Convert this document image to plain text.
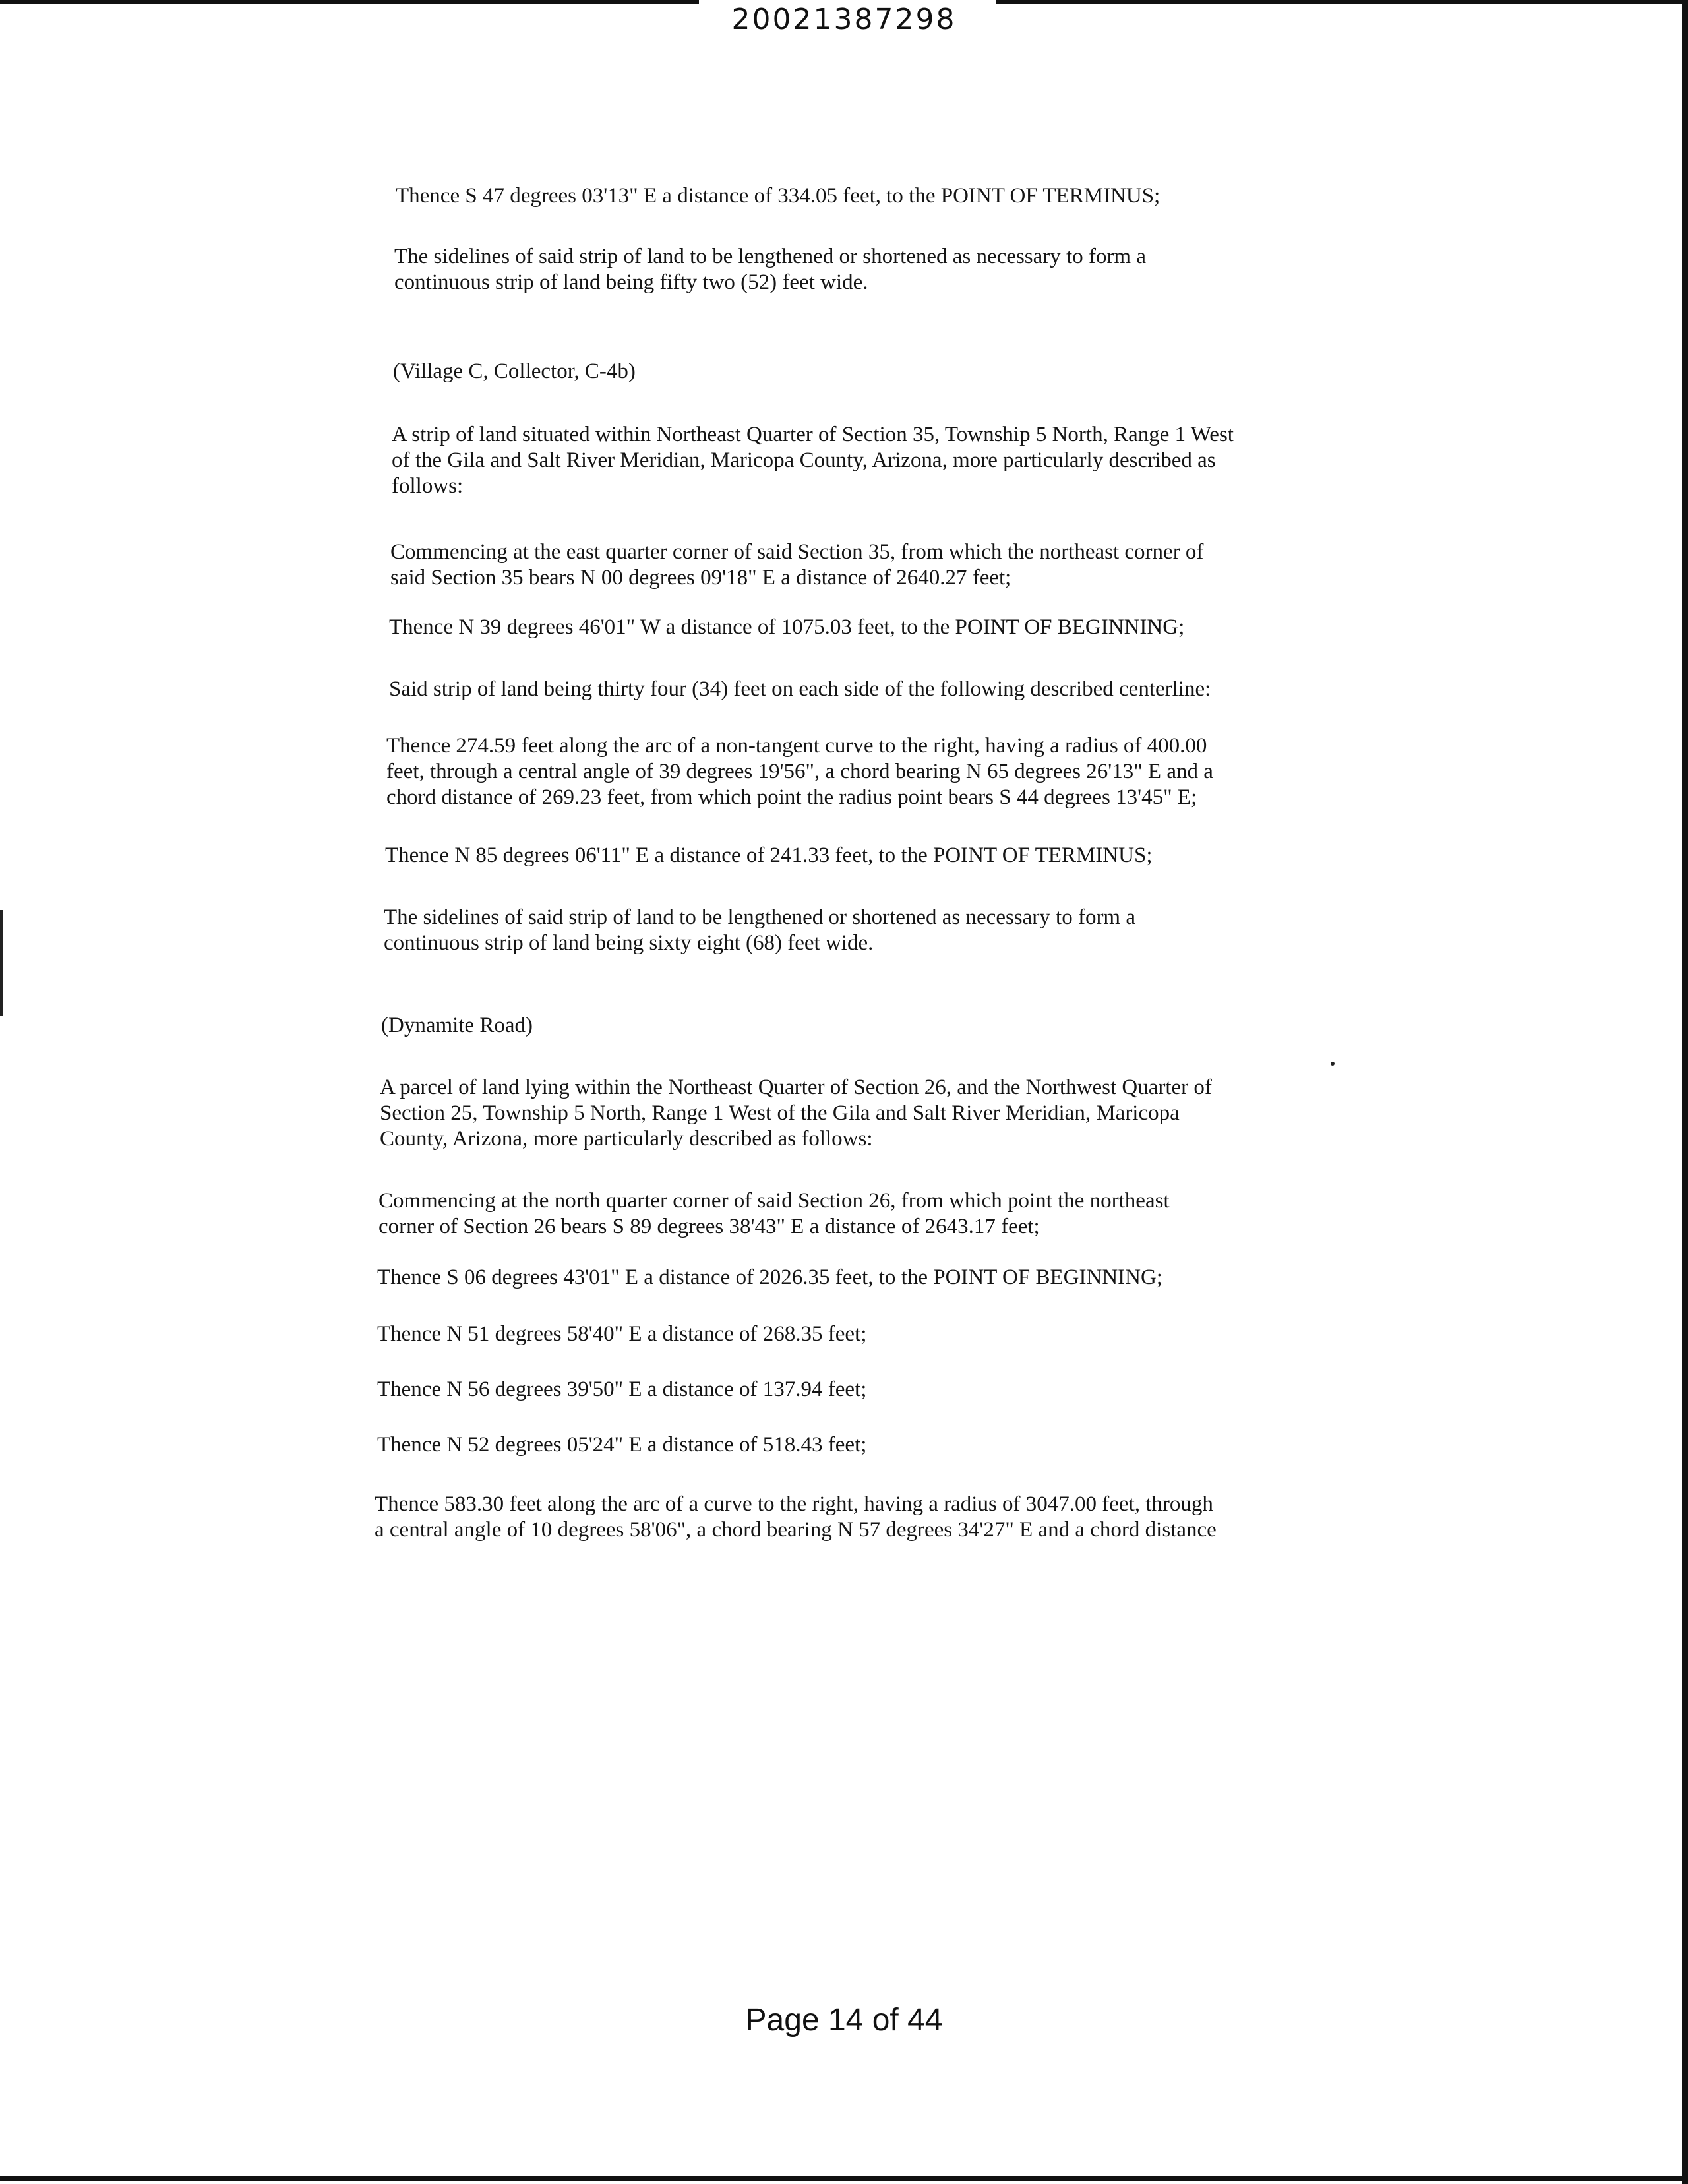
20021387298

Thence S 47 degrees 03'13" E a distance of 334.05 feet, to the POINT OF TERMINUS;

The sidelines of said strip of land to be lengthened or shortened as necessary to form a
continuous strip of land being fifty two (52) feet wide.

(Village C, Collector, C-4b)

A strip of land situated within Northeast Quarter of Section 35, Township 5 North, Range 1 West
of the Gila and Salt River Meridian, Maricopa County, Arizona, more particularly described as
follows:

Commencing at the east quarter corner of said Section 35, from which the northeast corner of
said Section 35 bears N 00 degrees 09'18" E a distance of 2640.27 feet;

Thence N 39 degrees 46'01" W a distance of 1075.03 feet, to the POINT OF BEGINNING;

Said strip of land being thirty four (34) feet on each side of the following described centerline:

Thence 274.59 feet along the arc of a non-tangent curve to the right, having a radius of 400.00
feet, through a central angle of 39 degrees 19'56", a chord bearing N 65 degrees 26'13" E and a
chord distance of 269.23 feet, from which point the radius point bears S 44 degrees 13'45" E;

Thence N 85 degrees 06'11" E a distance of 241.33 feet, to the POINT OF TERMINUS;

The sidelines of said strip of land to be lengthened or shortened as necessary to form a
continuous strip of land being sixty eight (68) feet wide.

(Dynamite Road)

A parcel of land lying within the Northeast Quarter of Section 26, and the Northwest Quarter of
Section 25, Township 5 North, Range 1 West of the Gila and Salt River Meridian, Maricopa
County, Arizona, more particularly described as follows:

Commencing at the north quarter corner of said Section 26, from which point the northeast
corner of Section 26 bears S 89 degrees 38'43" E a distance of 2643.17 feet;

Thence S 06 degrees 43'01" E a distance of 2026.35 feet, to the POINT OF BEGINNING;

Thence N 51 degrees 58'40" E a distance of 268.35 feet;

Thence N 56 degrees 39'50" E a distance of 137.94 feet;

Thence N 52 degrees 05'24" E a distance of 518.43 feet;

Thence 583.30 feet along the arc of a curve to the right, having a radius of 3047.00 feet, through
a central angle of 10 degrees 58'06", a chord bearing N 57 degrees 34'27" E and a chord distance

Page 14 of 44
